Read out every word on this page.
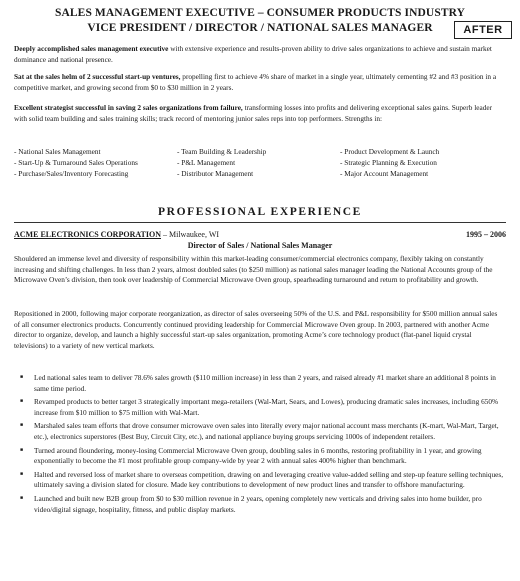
SALES MANAGEMENT EXECUTIVE – CONSUMER PRODUCTS INDUSTRY
VICE PRESIDENT / DIRECTOR / NATIONAL SALES MANAGER	AFTER
Deeply accomplished sales management executive with extensive experience and results-proven ability to drive sales organizations to achieve and sustain market dominance and national presence.
Sat at the sales helm of 2 successful start-up ventures, propelling first to achieve 4% share of market in a single year, ultimately cementing #2 and #3 position in a competitive market, and growing second from $0 to $30 million in 2 years.
Excellent strategist successful in saving 2 sales organizations from failure, transforming losses into profits and delivering exceptional sales gains. Superb leader with solid team building and sales training skills; track record of mentoring junior sales reps into top performers. Strengths in:
- National Sales Management	- Team Building & Leadership	- Product Development & Launch
- Start-Up & Turnaround Sales Operations	- P&L Management	- Strategic Planning & Execution
- Purchase/Sales/Inventory Forecasting	- Distributor Management	- Major Account Management
PROFESSIONAL EXPERIENCE
ACME ELECTRONICS CORPORATION – Milwaukee, WI	1995 – 2006
Director of Sales / National Sales Manager
Shouldered an immense level and diversity of responsibility within this market-leading consumer/commercial electronics company, flexibly taking on constantly increasing and shifting challenges. In less than 2 years, almost doubled sales (to $250 million) as national sales manager leading the National Accounts group of the Microwave Oven’s division, then took over leadership of Commercial Microwave Oven group, spearheading turnaround and return to profitability and growth.
Repositioned in 2000, following major corporate reorganization, as director of sales overseeing 50% of the U.S. and P&L responsibility for $500 million annual sales of all consumer electronics products. Concurrently continued providing leadership for Commercial Microwave Oven group. In 2003, partnered with another Acme director to organize, develop, and launch a highly successful start-up sales organization, promoting Acme’s core technology product (flat-panel liquid crystal televisions) to a variety of new vertical markets.
■ Led national sales team to deliver 78.6% sales growth ($110 million increase) in less than 2 years, and raised already #1 market share an additional 8 points in same time period.
■ Revamped products to better target 3 strategically important mega-retailers (Wal-Mart, Sears, and Lowes), producing dramatic sales increases, including 650% increase from $10 million to $75 million with Wal-Mart.
■ Marshaled sales team efforts that drove consumer microwave oven sales into literally every major national account mass merchants (K-mart, Wal-Mart, Target, etc.), electronics superstores (Best Buy, Circuit City, etc.), and national appliance buying groups servicing 1000s of independent retailers.
■ Turned around floundering, money-losing Commercial Microwave Oven group, doubling sales in 6 months, restoring profitability in 1 year, and growing exponentially to become the #1 most profitable group company-wide by year 2 with annual sales 400% higher than benchmark.
■ Halted and reversed loss of market share to overseas competition, drawing on and leveraging creative value-added selling and step-up feature selling techniques, ultimately saving a division slated for closure. Made key contributions to development of new product lines and transfer to offshore manufacturing.
■ Launched and built new B2B group from $0 to $30 million revenue in 2 years, opening completely new verticals and driving sales into home builder, pro video/digital signage, hospitality, fitness, and public display markets.
